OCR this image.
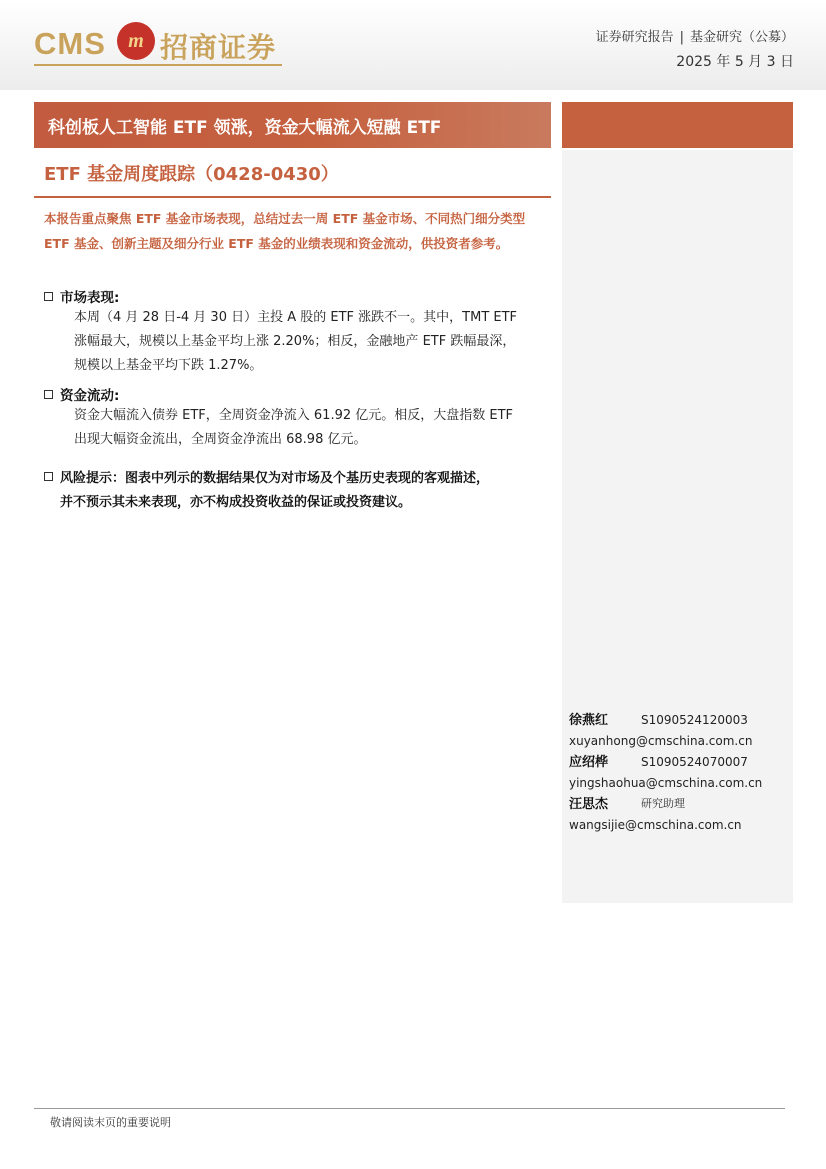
CMS	m 招商证券	证券研究报告 | 基金研究（公募）
2025 年 5 月 3 日
科创板人工智能 ETF 领涨，资金大幅流入短融 ETF
ETF 基金周度跟踪（0428-0430）
本报告重点聚焦 ETF 基金市场表现，总结过去一周 ETF 基金市场、不同热门细分类型 ETF 基金、创新主题及细分行业 ETF 基金的业绩表现和资金流动，供投资者参考。
市场表现:
本周（4 月 28 日-4 月 30 日）主投 A 股的 ETF 涨跌不一。其中，TMT ETF
涨幅最大，规模以上基金平均上涨 2.20%；相反，金融地产 ETF 跌幅最深，
规模以上基金平均下跌 1.27%。
资金流动:
资金大幅流入债券 ETF，全周资金净流入 61.92 亿元。相反，大盘指数 ETF
出现大幅资金流出，全周资金净流出 68.98 亿元。
风险提示：图表中列示的数据结果仅为对市场及个基历史表现的客观描述，
并不预示其未来表现，亦不构成投资收益的保证或投资建议。
徐燕红	S1090524120003
xuyanhong@cmschina.com.cn
应绍桦	S1090524070007
yingshaohua@cmschina.com.cn
汪思杰	研究助理
wangsijie@cmschina.com.cn
敬请阅读末页的重要说明
